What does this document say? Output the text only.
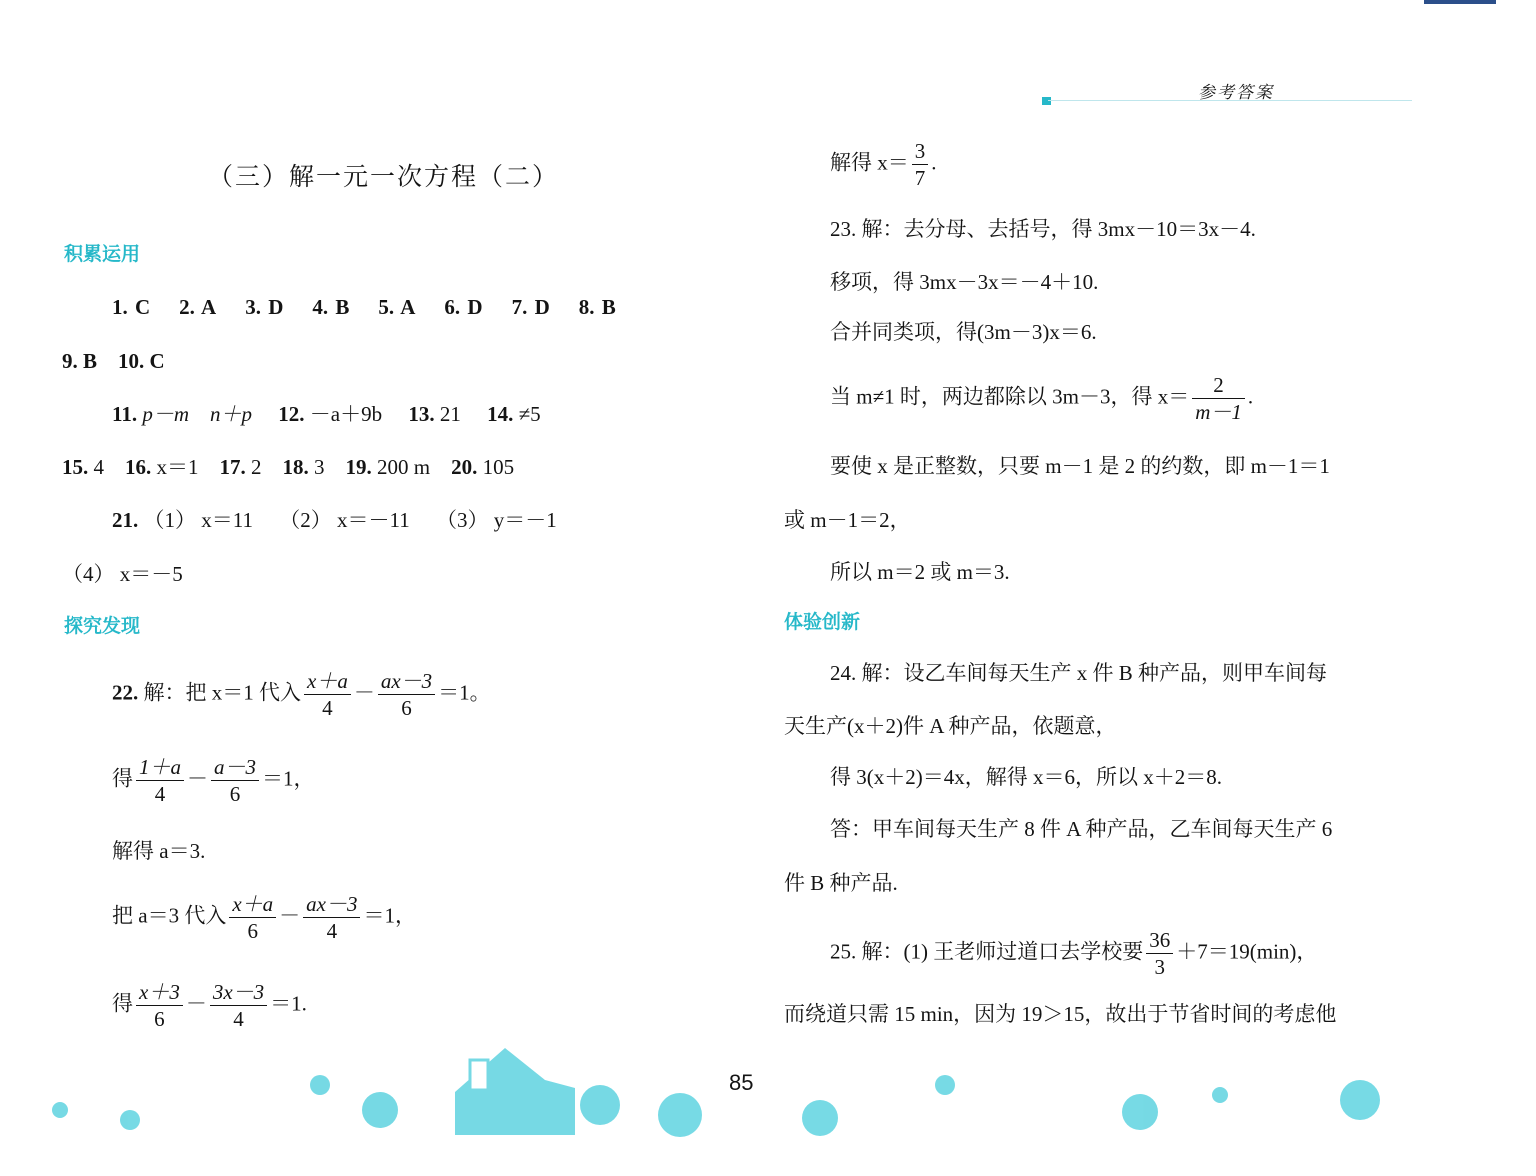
参考答案
（三）解一元一次方程（二）
积累运用
1. C 2. A 3. D 4. B 5. A 6. D 7. D 8. B
9. B 10. C
11. p－m    n＋p 12. －a＋9b 13. 21 14. ≠5
15. 4 16. x＝1 17. 2 18. 3 19. 200 m 20. 105
21. （1） x＝11 （2） x＝－11 （3） y＝－1
（4） x＝－5
探究发现
22. 解：把 x＝1 代入 $\frac{x+a}{4} - \frac{ax-3}{6} =1$。
得 $\frac{1+a}{4} - \frac{a-3}{6} =1$，
解得 a＝3.
把 a＝3 代入 $\frac{x+a}{6} - \frac{ax-3}{4} =1$，
得 $\frac{x+3}{6} - \frac{3x-3}{4} =1$.
解得 $x= \frac{3}{7}$ .
23. 解：去分母、去括号，得 3mx－10＝3x－4.
移项，得 3mx－3x＝－4＋10.
合并同类项，得(3m－3)x＝6.
当 m≠1 时，两边都除以 3m－3，得 $x= \frac{2}{m-1}$ .
要使 x 是正整数，只要 m－1 是 2 的约数，即 m－1＝1
或 m－1＝2，
所以 m＝2 或 m＝3.
体验创新
24. 解：设乙车间每天生产 x 件 B 种产品，则甲车间每
天生产(x＋2)件 A 种产品，依题意，
得 3(x＋2)＝4x，解得 x＝6，所以 x＋2＝8.
答：甲车间每天生产 8 件 A 种产品，乙车间每天生产 6
件 B 种产品.
25. 解：(1) 王老师过道口去学校要 $\frac{36}{3} +7=19(\min)$，
而绕道只需 15 min，因为 19＞15，故出于节省时间的考虑他
85
